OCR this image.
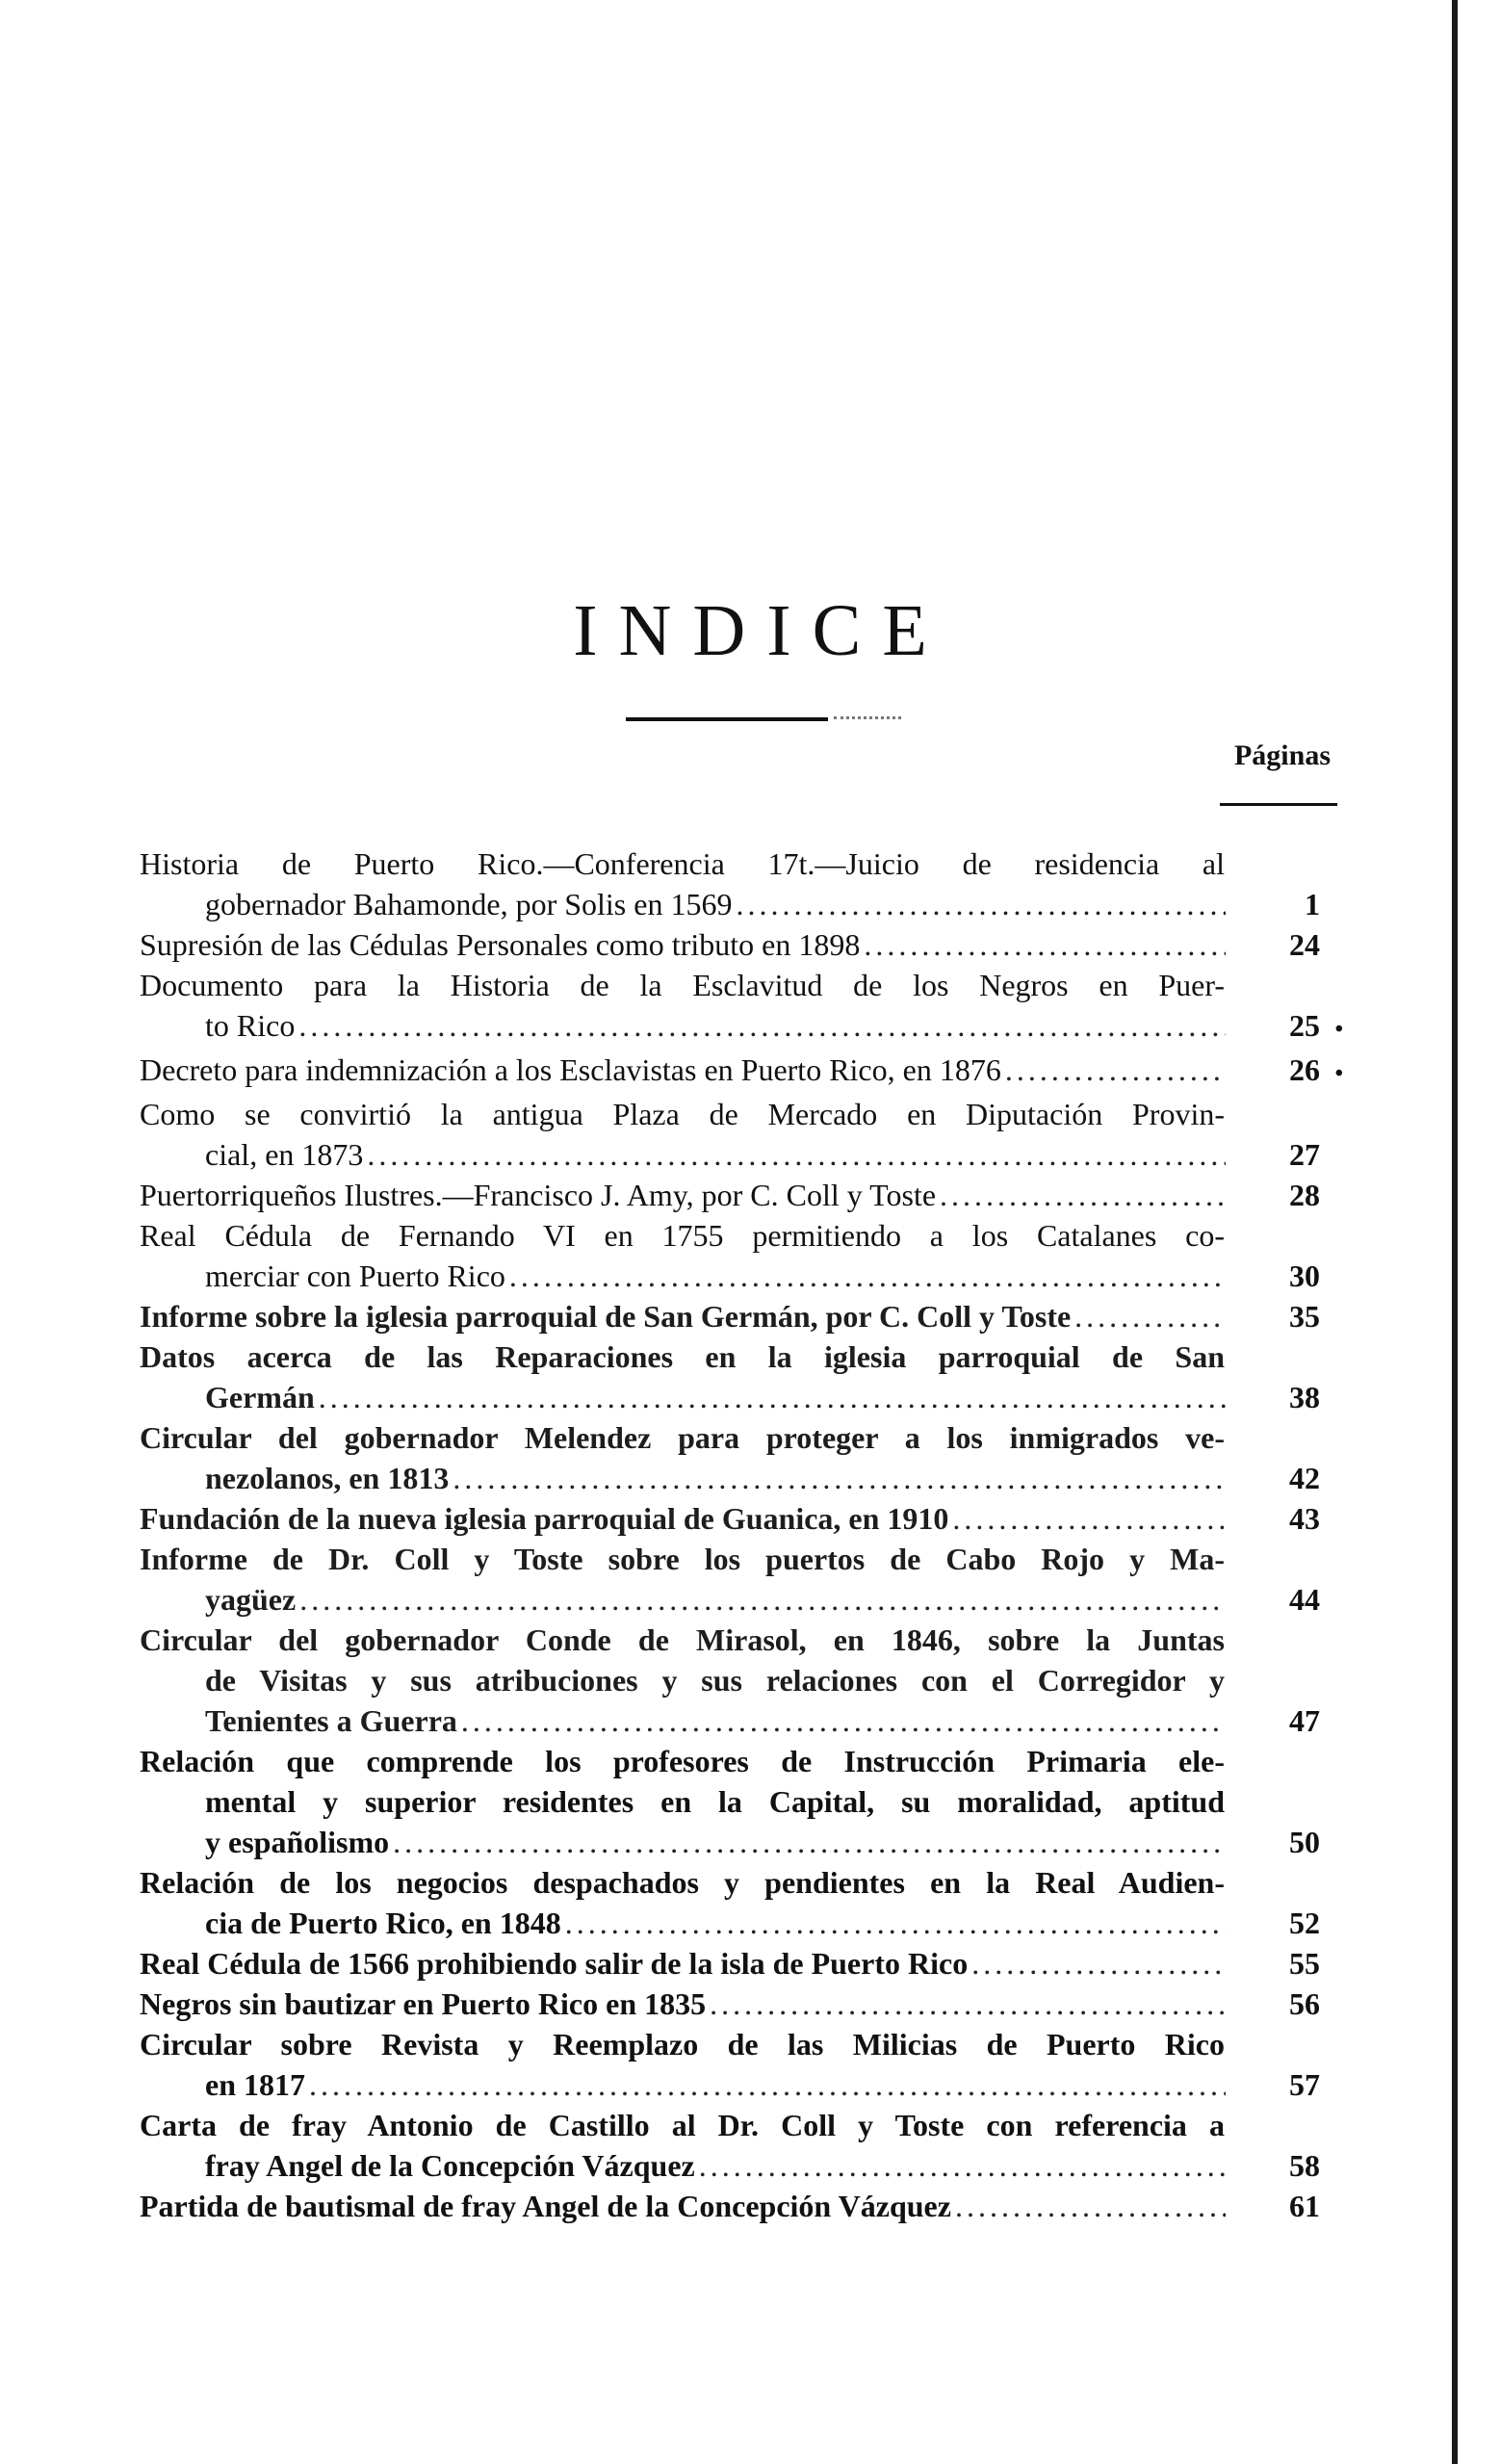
INDICE
Páginas
Historia de Puerto Rico.—Conferencia 17t.—Juicio de residencia al
gobernador Bahamonde, por Solis en 1569 . . .	1
Supresión de las Cédulas Personales como tributo en 1898 . . .	24
Documento para la Historia de la Esclavitud de los Negros en Puer-
to Rico . . .	25 •
Decreto para indemnización a los Esclavistas en Puerto Rico, en 1876 . . .	26 •
Como se convirtió la antigua Plaza de Mercado en Diputación Provin-
cial, en 1873 . . .	27
Puertorriqueños Ilustres.—Francisco J. Amy, por C. Coll y Toste . . .	28
Real Cédula de Fernando VI en 1755 permitiendo a los Catalanes co-
merciar con Puerto Rico . . .	30
Informe sobre la iglesia parroquial de San Germán, por C. Coll y Toste . . .	35
Datos acerca de las Reparaciones en la iglesia parroquial de San
Germán . . .	38
Circular del gobernador Melendez para proteger a los inmigrados ve-
nezolanos, en 1813 . . .	42
Fundación de la nueva iglesia parroquial de Guanica, en 1910 . . .	43
Informe de Dr. Coll y Toste sobre los puertos de Cabo Rojo y Ma-
yagüez . . .	44
Circular del gobernador Conde de Mirasol, en 1846, sobre la Juntas
de Visitas y sus atribuciones y sus relaciones con el Corregidor y
Tenientes a Guerra . . .	47
Relación que comprende los profesores de Instrucción Primaria ele-
mental y superior residentes en la Capital, su moralidad, aptitud
y españolismo . . .	50
Relación de los negocios despachados y pendientes en la Real Audien-
cia de Puerto Rico, en 1848 . . .	52
Real Cédula de 1566 prohibiendo salir de la isla de Puerto Rico . . .	55
Negros sin bautizar en Puerto Rico en 1835 . . .	56
Circular sobre Revista y Reemplazo de las Milicias de Puerto Rico
en 1817 . . .	57
Carta de fray Antonio de Castillo al Dr. Coll y Toste con referencia a
fray Angel de la Concepción Vázquez . . .	58
Partida de bautismal de fray Angel de la Concepción Vázquez . . .	61
